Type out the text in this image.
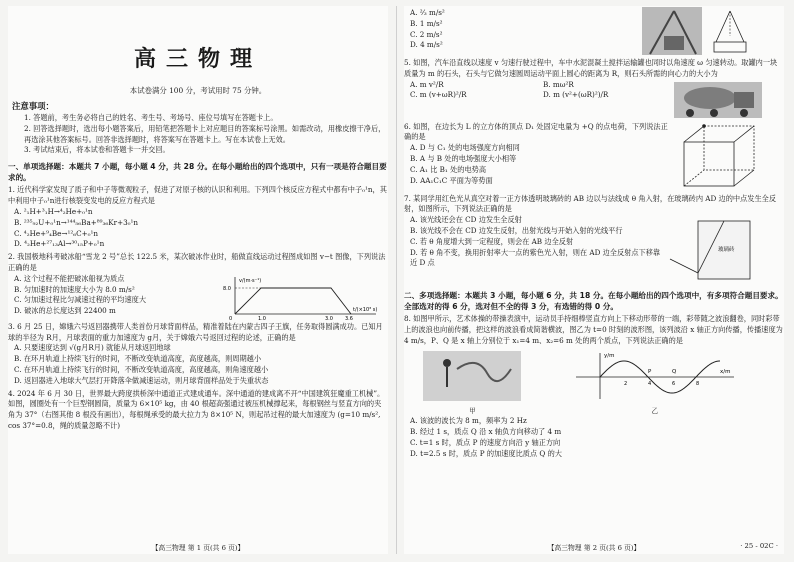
高三物理
本试卷满分 100 分，考试用时 75 分钟。
注意事项：
1. 答题前，考生务必将自己的姓名、考生号、考场号、座位号填写在答题卡上。
2. 回答选择题时，选出每小题答案后，用铅笔把答题卡上对应题目的答案标号涂黑。如需改动，用橡皮擦干净后，再选涂其他答案标号。回答非选择题时，将答案写在答题卡上。写在本试卷上无效。
3. 考试结束后，将本试卷和答题卡一并交回。
一、单项选择题：本题共 7 小题，每小题 4 分，共 28 分。在每小题给出的四个选项中，只有一项是符合题目要求的。
1. 近代科学家发现了质子和中子等微观粒子，促进了对原子核的认识和利用。下列四个核反应方程式中都有中子₀¹n，其中利用中子₀¹n进行核裂变发电的反应方程式是
A. ²₁H+³₁H→⁴₂He+₀¹n
B. ²³⁵₉₂U+₀¹n→¹⁴⁴₅₆Ba+⁸⁹₃₆Kr+3₀¹n
C. ⁴₂He+⁹₄Be→¹²₆C+₀¹n
D. ⁴₂He+²⁷₁₃Al→³⁰₁₅P+₀¹n
2. 我国极地科考破冰船“雪龙 2 号”总长 122.5 米，某次破冰作业时，船做直线运动过程图成如图 v−t 图像，下列说法正确的是
A. 这个过程不能把破冰船视为质点
B. 匀加速时的加速度大小为 8.0 m/s²
C. 匀加速过程比匀减速过程的平均速度大
D. 破冰的总长度达到 22400 m
v/(m·s⁻¹)
8.0
0	1.0	3.0 3.6
t/(×10³ s)
3. 6 月 25 日，嫦娥六号返回器携带人类首份月球背面样品，精准着陆在内蒙古四子王旗，任务取得圆满成功。已知月球的半径为 R月，月球表面的重力加速度为 g月，关于嫦娥六号返回过程的论述，正确的是
A. 只要速度达到 √(g月R月) 就能从月球返回地球
B. 在环月轨道上持续飞行的时间，不断改变轨道高度，高度越高，则周期越小
C. 在环月轨道上持续飞行的时间，不断改变轨道高度，高度越高，则角速度越小
D. 返回器进入地球大气层打开降落伞做减速运动，则月球背面样品处于失重状态
4. 2024 年 6 月 30 日，世界最大跨度拱桥深中通道正式建成通车。深中通道的建成离不开“中国建筑狂魔重工机械”。如图，圆圈处有一个巨型钢圆筒，质量为 6×10⁵ kg，由 40 根超高强通过被压机械撑起来，每根钢丝与竖直方向的夹角为 37°（右图其他 8 根没有画出），每根绳承受的最大拉力为 8×10⁵ N，则起吊过程的最大加速度为 (g=10 m/s², cos 37°=0.8，绳的质量忽略不计)
【高三物理 第 1 页(共 6 页)】
A. ²⁄₃ m/s²
B. 1 m/s²
C. 2 m/s²
D. 4 m/s²
5. 如图，汽车沿直线以速度 v 匀速行驶过程中，车中水泥混凝土搅拌运输罐也同时以角速度 ω 匀速转动。取罐内一块质量为 m 的石头，石头与它做匀速圆周运动平面上圆心的距离为 R，则石头所需的向心力的大小为
A. m v²/R	B. mω²R
C. m (v+ωR)²/R	D. m (v²+(ωR)²)/R
6. 如图，在边长为 L 的立方体的顶点 D₁ 处固定电量为 +Q 的点电荷，下列说法正确的是
A. D 与 C₁ 处的电场强度方向相同
B. A 与 B 处的电场强度大小相等
C. A₁ 比 B₁ 处的电势高
D. AA₁C₁C 平面为等势面
7. 某同学用红色光从真空对着一正方体透明玻璃砖的 AB 边以与法线成 θ 角入射，在玻璃砖内 AD 边的中点发生全反射，如图所示，下列说法正确的是
A. 该光线还会在 CD 边发生全反射
B. 该光线不会在 CD 边发生反射，出射光线与开始入射的光线平行
C. 若 θ 角度增大到一定程度，则会在 AB 边全反射
D. 若 θ 角不变，换用折射率大一点的紫色光入射，则在 AD 边全反射点下移靠近 D 点
玻璃砖
二、多项选择题：本题共 3 小题，每小题 6 分，共 18 分。在每小题给出的四个选项中，有多项符合题目要求。全部选对的得 6 分，选对但不全的得 3 分，有选错的得 0 分。
8. 如图甲所示，艺术体操的带操表演中，运动员手持细棒竖直方向上下移动形带的一端，彩带随之波浪翻卷，同时彩带上的波浪也向前传播，把这样的波浪看成简谐横波，图乙为 t=0 时刻的波形图，该列波沿 x 轴正方向传播，传播速度为 4 m/s，P、Q 是 x 轴上分别位于 x₁=4 m、x₂=6 m 处的两个质点，下列说法正确的是
甲
y/m
x/m
2	4	6	8
P	Q
乙
A. 该波的波长为 8 m，频率为 2 Hz
B. 经过 1 s，质点 Q 沿 x 轴负方向移动了 4 m
C. t=1 s 时，质点 P 的速度方向沿 y 轴正方向
D. t=2.5 s 时，质点 P 的加速度比质点 Q 的大
【高三物理 第 2 页(共 6 页)】	· 25 - 02C ·
